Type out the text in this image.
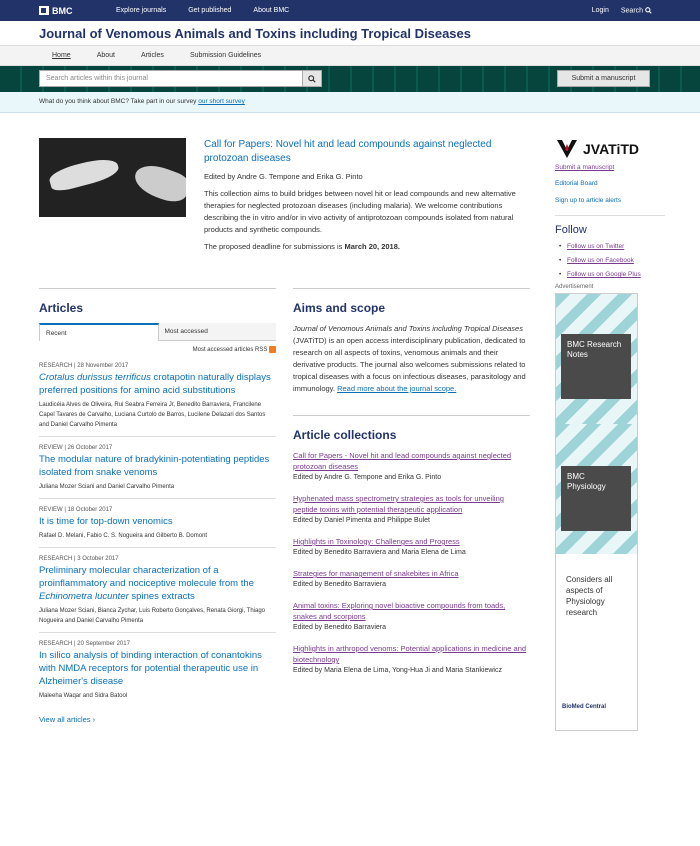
BMC	Explore journals	Get published	About BMC	Login Search
Journal of Venomous Animals and Toxins including Tropical Diseases
Home	About	Articles	Submission Guidelines
Search articles within this journal	Submit a manuscript
What do you think about BMC? Take part in our survey our short survey
Call for Papers: Novel hit and lead compounds against neglected protozoan diseases

Edited by Andre G. Tempone and Erika G. Pinto

This collection aims to build bridges between novel hit or lead compounds and new alternative therapies for neglected protozoan diseases (including malaria). We welcome contributions describing the in vitro and/or in vivo activity of antiprotozoan compounds isolated from natural products and synthetic compounds.

The proposed deadline for submissions is March 20, 2018.

JVATiTD
Submit a manuscript
Editorial Board
Sign up to article alerts
Follow
• Follow us on Twitter
• Follow us on Facebook
• Follow us on Google Plus
Advertisement
BMC Research Notes
BMC Physiology
Considers all aspects of Physiology research
BioMed Central
Articles
Recent	Most accessed
Most accessed articles RSS
RESEARCH | 28 November 2017
Crotalus durissus terrificus crotapotin naturally displays preferred positions for amino acid substitutions
Laudicéia Alves de Oliveira, Rui Seabra Ferreira Jr, Benedito Barraviera, Francilene Capel Tavares de Carvalho, Luciana Curtolo de Barros, Lucilene Delazari dos Santos and Daniel Carvalho Pimenta
REVIEW | 26 October 2017
The modular nature of bradykinin-potentiating peptides isolated from snake venoms
Juliana Mozer Sciani and Daniel Carvalho Pimenta
REVIEW | 18 October 2017
It is time for top-down venomics
Rafael D. Melani, Fabio C. S. Nogueira and Gilberto B. Domont
RESEARCH | 3 October 2017
Preliminary molecular characterization of a proinflammatory and nociceptive molecule from the Echinometra lucunter spines extracts
Juliana Mozer Sciani, Bianca Zychar, Luis Roberto Gonçalves, Renata Giorgi, Thiago Nogueira and Daniel Carvalho Pimenta
RESEARCH | 20 September 2017
In silico analysis of binding interaction of conantokins with NMDA receptors for potential therapeutic use in Alzheimer's disease
Maleeha Waqar and Sidra Batool
View all articles ›
Aims and scope
Journal of Venomous Animals and Toxins including Tropical Diseases (JVATiTD) is an open access interdisciplinary publication, dedicated to research on all aspects of toxins, venomous animals and their derivative products. The journal also welcomes submissions related to tropical diseases with a focus on infectious diseases, parasitology and immunology. Read more about the journal scope.
Article collections
Call for Papers - Novel hit and lead compounds against neglected protozoan diseases
Edited by Andre G. Tempone and Erika G. Pinto
Hyphenated mass spectrometry strategies as tools for unveiling peptide toxins with potential therapeutic application
Edited by Daniel Pimenta and Philippe Bulet
Highlights in Toxinology: Challenges and Progress
Edited by Benedito Barraviera and Maria Elena de Lima
Strategies for management of snakebites in Africa
Edited by Benedito Barraviera
Animal toxins: Exploring novel bioactive compounds from toads, snakes and scorpions
Edited by Benedito Barraviera
Highlights in arthropod venoms: Potential applications in medicine and biotechnology
Edited by Maria Elena de Lima, Yong-Hua Ji and Maria Stankiewicz
